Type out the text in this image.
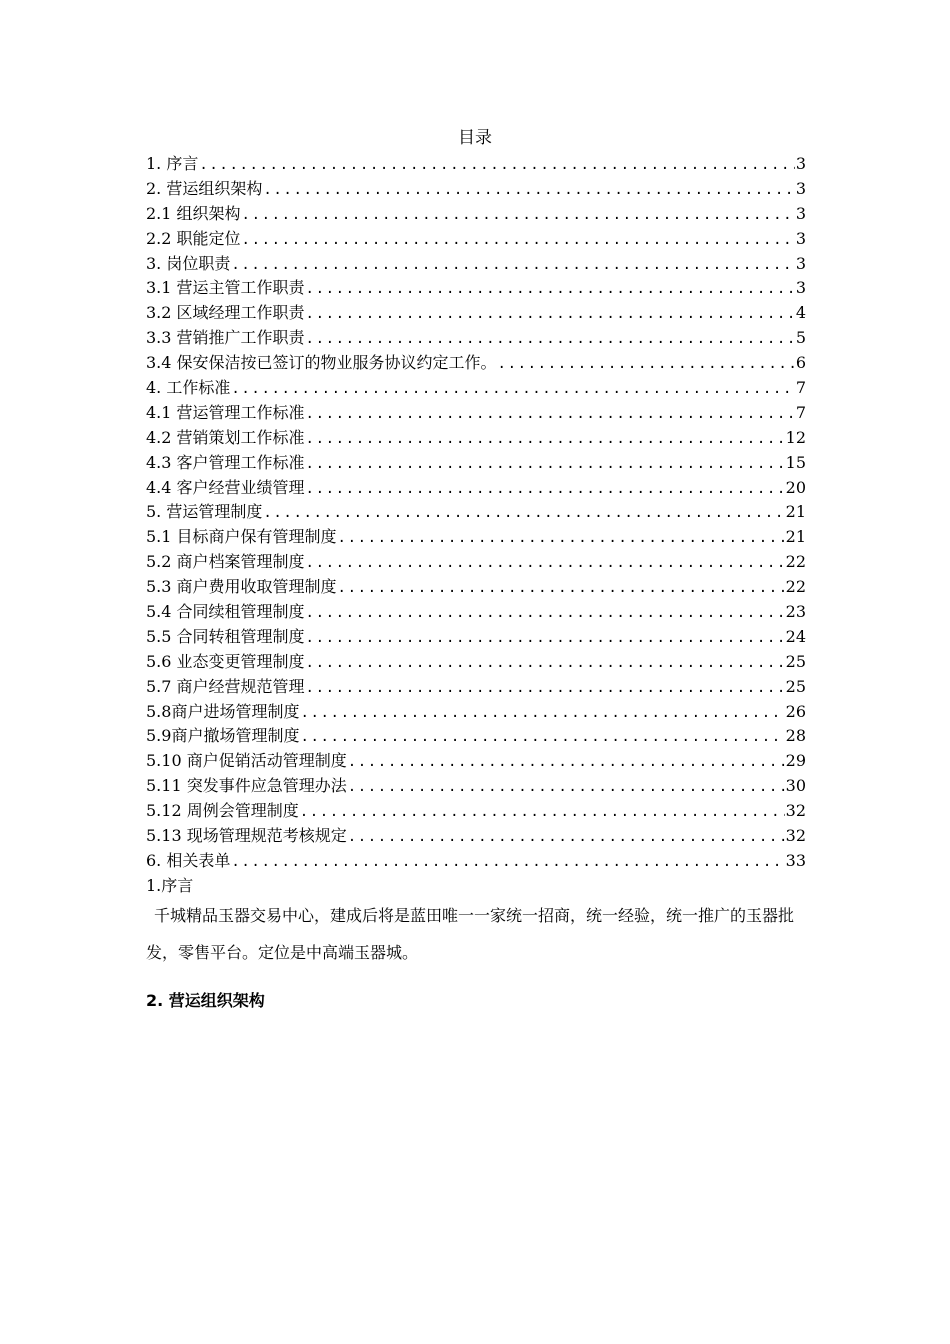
目录
1. 序言 .....	3
2. 营运组织架构 .....	3
2.1 组织架构 .....	3
2.2 职能定位 .....	3
3. 岗位职责 .....	3
3.1 营运主管工作职责 .....	3
3.2 区域经理工作职责 .....	4
3.3 营销推广工作职责 .....	5
3.4 保安保洁按已签订的物业服务协议约定工作。 .....	6
4. 工作标准 .....	7
4.1 营运管理工作标准 .....	7
4.2 营销策划工作标准 .....	12
4.3 客户管理工作标准 .....	15
4.4 客户经营业绩管理 .....	20
5. 营运管理制度 .....	21
5.1 目标商户保有管理制度 .....	21
5.2 商户档案管理制度 .....	22
5.3 商户费用收取管理制度 .....	22
5.4 合同续租管理制度 .....	23
5.5 合同转租管理制度 .....	24
5.6 业态变更管理制度 .....	25
5.7 商户经营规范管理 .....	25
5.8商户进场管理制度 .....	26
5.9商户撤场管理制度 .....	28
5.10 商户促销活动管理制度 .....	29
5.11 突发事件应急管理办法 .....	30
5.12 周例会管理制度 .....	32
5.13 现场管理规范考核规定 .....	32
6. 相关表单 .....	33
1.序言
千城精品玉器交易中心，建成后将是蓝田唯一一家统一招商，统一经验，统一推广的玉器批发，零售平台。定位是中高端玉器城。
2. 营运组织架构
